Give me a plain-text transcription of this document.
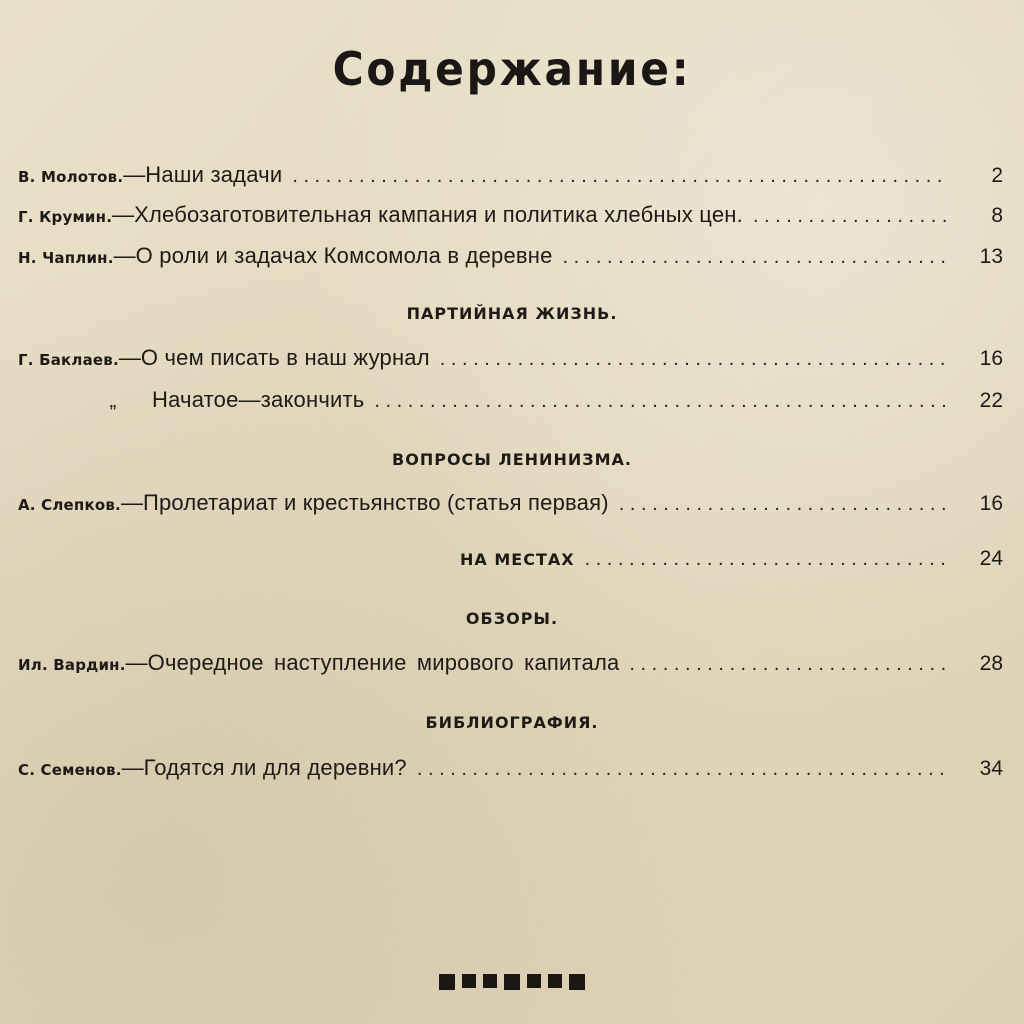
Содержание:
В. Молотов. — Наши задачи . . .	2
Г. Крумин. — Хлебозаготовительная кампания и политика хлебных цен. . . .	8
Н. Чаплин. — О роли и задачах Комсомола в деревне . . .	13
ПАРТИЙНАЯ ЖИЗНЬ.
Г. Баклаев. — О чем писать в наш журнал . . .	16
„	Начатое—закончить . . .	22
ВОПРОСЫ ЛЕНИНИЗМА.
А. Слепков. — Пролетариат и крестьянство (статья первая) . . .	16
НА МЕСТАХ . . .	24
ОБЗОРЫ.
Ил. Вардин. — Очередное наступление мирового капитала . . .	28
БИБЛИОГРАФИЯ.
С. Семенов. — Годятся ли для деревни? . . .	34
